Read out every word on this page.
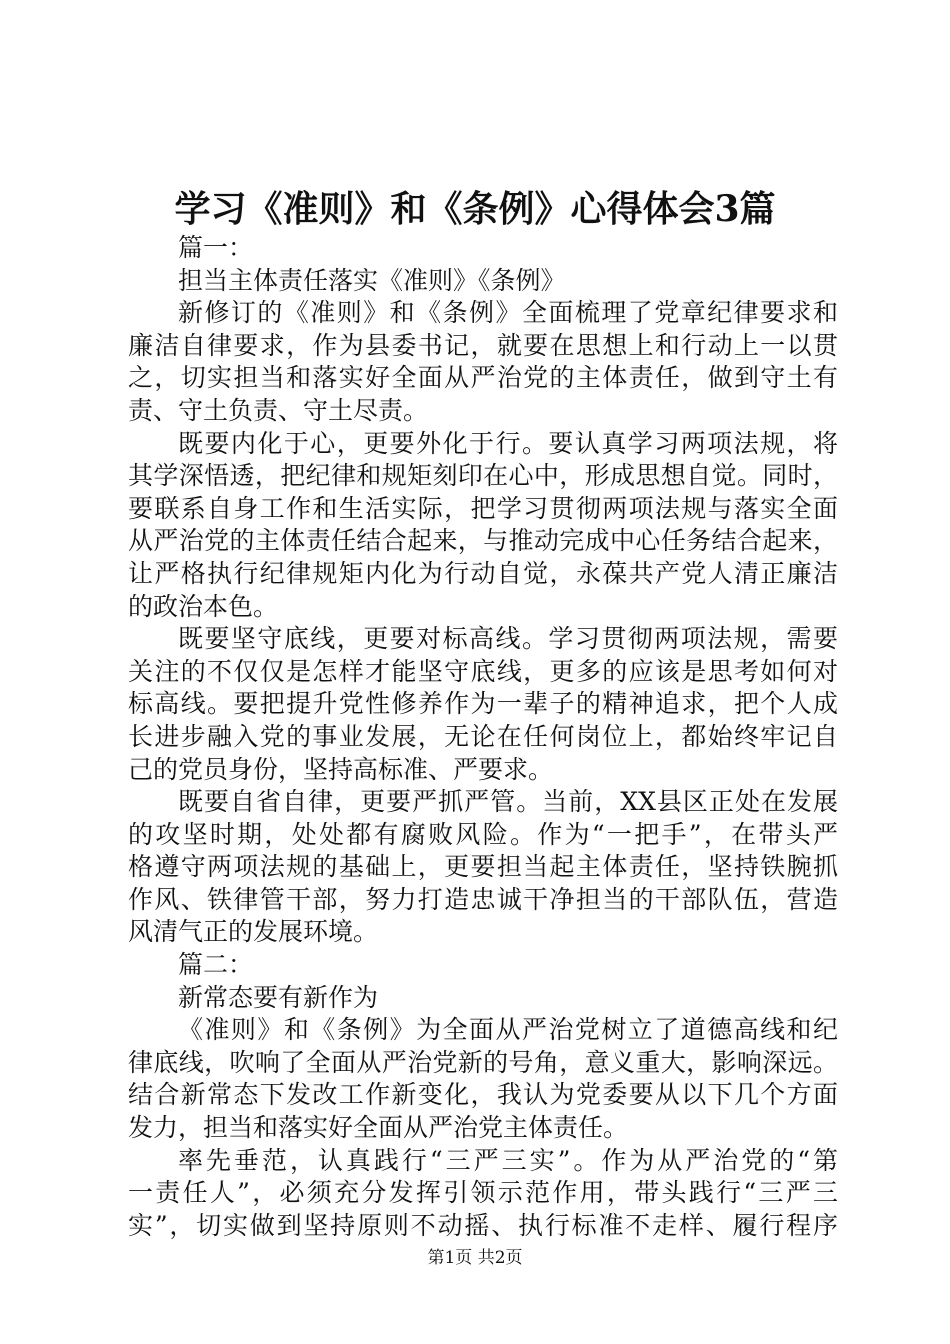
学习《准则》和《条例》心得体会3篇
篇一：
担当主体责任落实《准则》《条例》
新修订的《准则》和《条例》全面梳理了党章纪律要求和
廉洁自律要求，作为县委书记，就要在思想上和行动上一以贯
之，切实担当和落实好全面从严治党的主体责任，做到守土有
责、守土负责、守土尽责。
既要内化于心，更要外化于行。要认真学习两项法规，将
其学深悟透，把纪律和规矩刻印在心中，形成思想自觉。同时，
要联系自身工作和生活实际，把学习贯彻两项法规与落实全面
从严治党的主体责任结合起来，与推动完成中心任务结合起来，
让严格执行纪律规矩内化为行动自觉，永葆共产党人清正廉洁
的政治本色。
既要坚守底线，更要对标高线。学习贯彻两项法规，需要
关注的不仅仅是怎样才能坚守底线，更多的应该是思考如何对
标高线。要把提升党性修养作为一辈子的精神追求，把个人成
长进步融入党的事业发展，无论在任何岗位上，都始终牢记自
己的党员身份，坚持高标准、严要求。
既要自省自律，更要严抓严管。当前，XX县区正处在发展
的攻坚时期，处处都有腐败风险。作为“一把手”，在带头严
格遵守两项法规的基础上，更要担当起主体责任，坚持铁腕抓
作风、铁律管干部，努力打造忠诚干净担当的干部队伍，营造
风清气正的发展环境。
篇二：
新常态要有新作为
《准则》和《条例》为全面从严治党树立了道德高线和纪
律底线，吹响了全面从严治党新的号角，意义重大，影响深远。
结合新常态下发改工作新变化，我认为党委要从以下几个方面
发力，担当和落实好全面从严治党主体责任。
率先垂范，认真践行“三严三实”。作为从严治党的“第
一责任人”，必须充分发挥引领示范作用，带头践行“三严三
实”，切实做到坚持原则不动摇、执行标准不走样、履行程序
第1页 共2页
